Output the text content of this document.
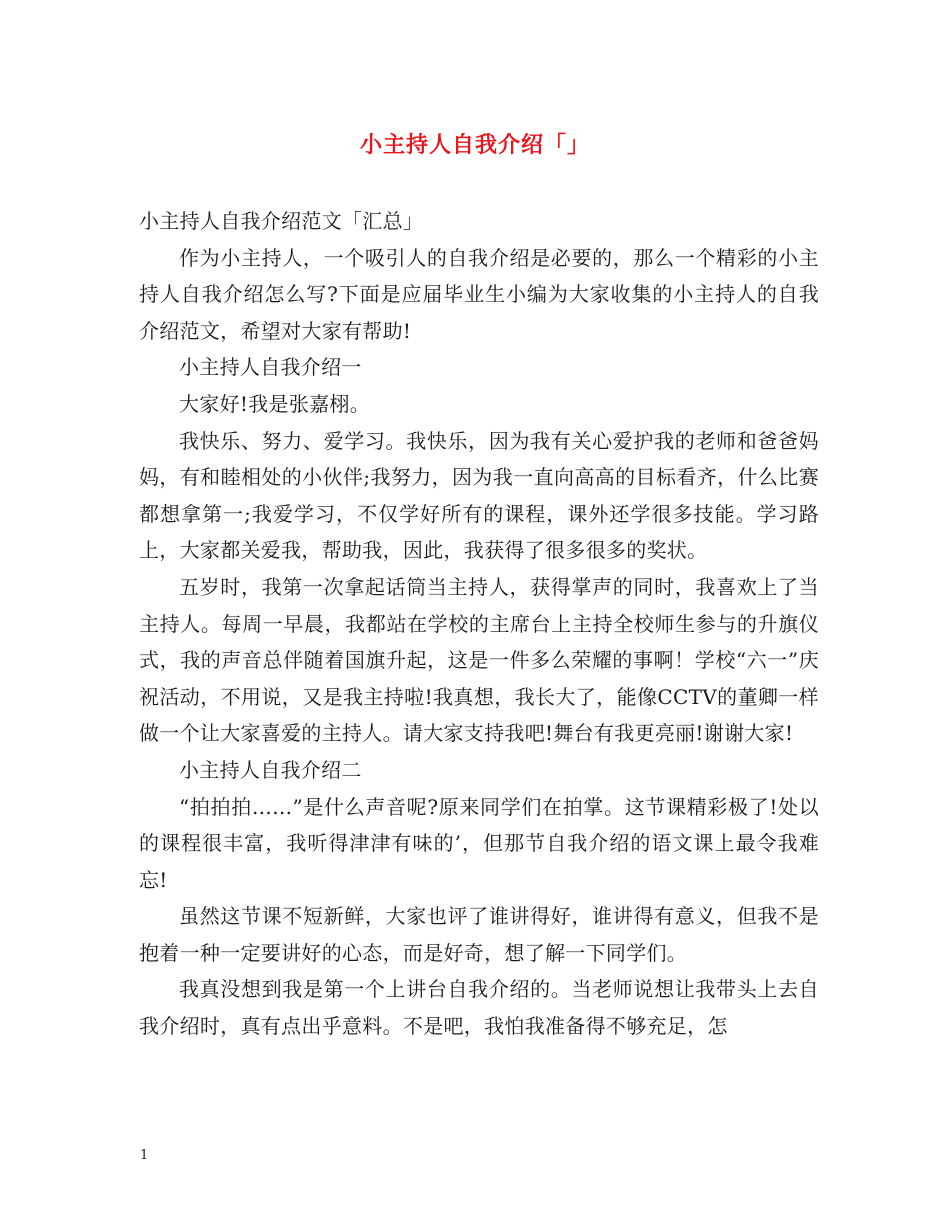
小主持人自我介绍「」

小主持人自我介绍范文「汇总」

作为小主持人，一个吸引人的自我介绍是必要的，那么一个精彩的小主持人自我介绍怎么写?下面是应届毕业生小编为大家收集的小主持人的自我介绍范文，希望对大家有帮助!

小主持人自我介绍一

大家好!我是张嘉栩。

我快乐、努力、爱学习。我快乐，因为我有关心爱护我的老师和爸爸妈妈，有和睦相处的小伙伴;我努力，因为我一直向高高的目标看齐，什么比赛都想拿第一;我爱学习，不仅学好所有的课程，课外还学很多技能。学习路上，大家都关爱我，帮助我，因此，我获得了很多很多的奖状。

五岁时，我第一次拿起话筒当主持人，获得掌声的同时，我喜欢上了当主持人。每周一早晨，我都站在学校的主席台上主持全校师生参与的升旗仪式，我的声音总伴随着国旗升起，这是一件多么荣耀的事啊！学校“六一”庆祝活动，不用说，又是我主持啦!我真想，我长大了，能像CCTV的董卿一样做一个让大家喜爱的主持人。请大家支持我吧!舞台有我更亮丽!谢谢大家!

小主持人自我介绍二

“拍拍拍……”是什么声音呢?原来同学们在拍掌。这节课精彩极了!处以的课程很丰富，我听得津津有味的’，但那节自我介绍的语文课上最令我难忘!

虽然这节课不短新鲜，大家也评了谁讲得好，谁讲得有意义，但我不是抱着一种一定要讲好的心态，而是好奇，想了解一下同学们。

我真没想到我是第一个上讲台自我介绍的。当老师说想让我带头上去自我介绍时，真有点出乎意料。不是吧，我怕我准备得不够充足，怎

1
